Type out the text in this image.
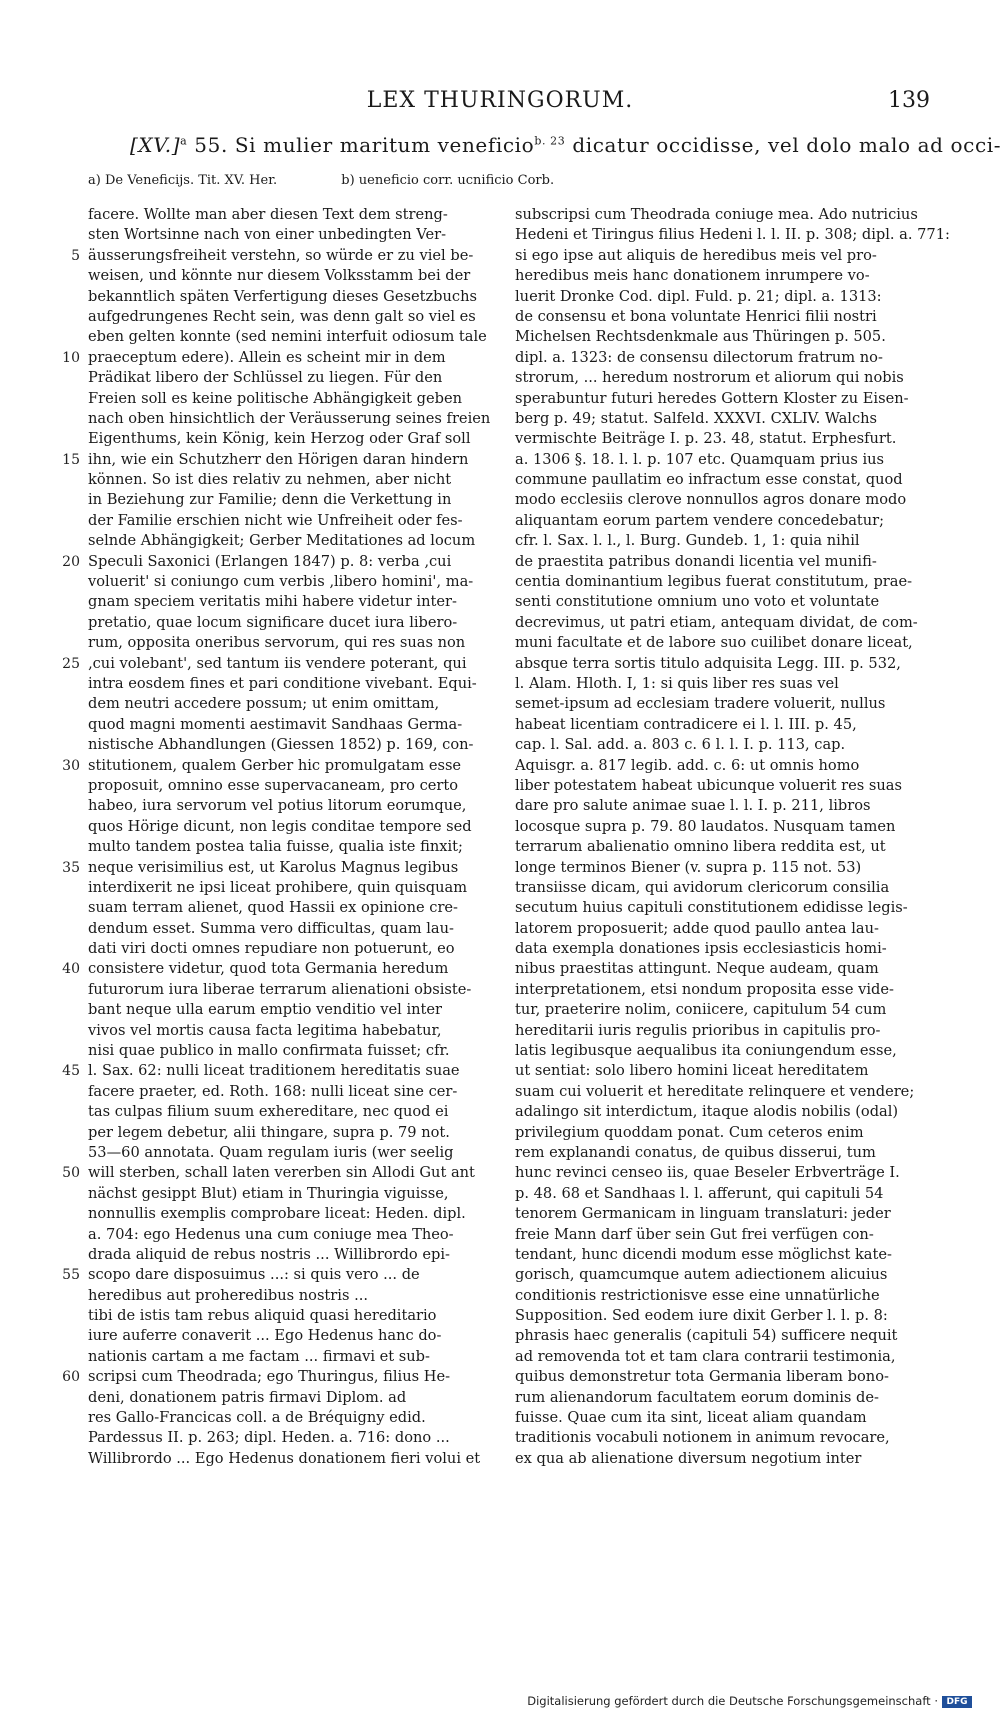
LEX THURINGORUM.	139
$[XV.]^a$ 55. Si mulier maritum veneficio$^{b. 23}$ dicatur occidisse, vel dolo malo ad occi-
a) De Veneficijs. Tit. XV. Her.	b) ueneficio corr. ucnificio Corb.
facere. Wollte man aber diesen Text dem streng-
sten Wortsinne nach von einer unbedingten Ver-
5 äusserungsfreiheit verstehn, so würde er zu viel be-
weisen, und könnte nur diesem Volksstamm bei der
bekanntlich späten Verfertigung dieses Gesetzbuchs
aufgedrungenes Recht sein, was denn galt so viel es
eben gelten konnte (sed nemini interfuit odiosum tale
10 praeceptum edere). Allein es scheint mir in dem
Prädikat libero der Schlüssel zu liegen. Für den
Freien soll es keine politische Abhängigkeit geben
nach oben hinsichtlich der Veräusserung seines freien
Eigenthums, kein König, kein Herzog oder Graf soll
15 ihn, wie ein Schutzherr den Hörigen daran hindern
können. So ist dies relativ zu nehmen, aber nicht
in Beziehung zur Familie; denn die Verkettung in
der Familie erschien nicht wie Unfreiheit oder fes-
selnde Abhängigkeit; Gerber Meditationes ad locum
20 Speculi Saxonici (Erlangen 1847) p. 8: verba ‚cui
voluerit' si coniungo cum verbis ‚libero homini', ma-
gnam speciem veritatis mihi habere videtur inter-
pretatio, quae locum significare ducet iura libero-
rum, opposita oneribus servorum, qui res suas non
25 ‚cui volebant', sed tantum iis vendere poterant, qui
intra eosdem fines et pari conditione vivebant. Equi-
dem neutri accedere possum; ut enim omittam,
quod magni momenti aestimavit Sandhaas Germa-
nistische Abhandlungen (Giessen 1852) p. 169, con-
30 stitutionem, qualem Gerber hic promulgatam esse
proposuit, omnino esse supervacaneam, pro certo
habeo, iura servorum vel potius litorum eorumque,
quos Hörige dicunt, non legis conditae tempore sed
multo tandem postea talia fuisse, qualia iste finxit;
35 neque verisimilius est, ut Karolus Magnus legibus
interdixerit ne ipsi liceat prohibere, quin quisquam
suam terram alienet, quod Hassii ex opinione cre-
dendum esset. Summa vero difficultas, quam lau-
dati viri docti omnes repudiare non potuerunt, eo
40 consistere videtur, quod tota Germania heredum
futurorum iura liberae terrarum alienationi obsiste-
bant neque ulla earum emptio venditio vel inter
vivos vel mortis causa facta legitima habebatur,
nisi quae publico in mallo confirmata fuisset; cfr.
45 l. Sax. 62: nulli liceat traditionem hereditatis suae
facere praeter, ed. Roth. 168: nulli liceat sine cer-
tas culpas filium suum exhereditare, nec quod ei
per legem debetur, alii thingare, supra p. 79 not.
53—60 annotata. Quam regulam iuris (wer seelig
50 will sterben, schall laten vererben sin Allodi Gut ant
nächst gesippt Blut) etiam in Thuringia viguisse,
nonnullis exemplis comprobare liceat: Heden. dipl.
a. 704: ego Hedenus una cum coniuge mea Theo-
drada aliquid de rebus nostris ... Willibrordo epi-
55 scopo dare disposuimus ...: si quis vero ... de
heredibus aut proheredibus nostris ...
tibi de istis tam rebus aliquid quasi hereditario
iure auferre conaverit ... Ego Hedenus hanc do-
nationis cartam a me factam ... firmavi et sub-
60 scripsi cum Theodrada; ego Thuringus, filius He-
deni, donationem patris firmavi Diplom. ad
res Gallo-Francicas coll. a de Bréquigny edid.
Pardessus II. p. 263; dipl. Heden. a. 716: dono ...
Willibrordo ... Ego Hedenus donationem fieri volui et
subscripsi cum Theodrada coniuge mea. Ado nutricius
Hedeni et Tiringus filius Hedeni l. l. II. p. 308; dipl. a. 771:
si ego ipse aut aliquis de heredibus meis vel pro-
heredibus meis hanc donationem inrumpere vo-
luerit Dronke Cod. dipl. Fuld. p. 21; dipl. a. 1313:
de consensu et bona voluntate Henrici filii nostri
Michelsen Rechtsdenkmale aus Thüringen p. 505.
dipl. a. 1323: de consensu dilectorum fratrum no-
strorum, ... heredum nostrorum et aliorum qui nobis
sperabuntur futuri heredes Gottern Kloster zu Eisen-
berg p. 49; statut. Salfeld. XXXVI. CXLIV. Walchs
vermischte Beiträge I. p. 23. 48, statut. Erphesfurt.
a. 1306 §. 18. l. l. p. 107 etc. Quamquam prius ius
commune paullatim eo infractum esse constat, quod
modo ecclesiis clerove nonnullos agros donare modo
aliquantam eorum partem vendere concedebatur;
cfr. l. Sax. l. l., l. Burg. Gundeb. 1, 1: quia nihil
de praestita patribus donandi licentia vel munifi-
centia dominantium legibus fuerat constitutum, prae-
senti constitutione omnium uno voto et voluntate
decrevimus, ut patri etiam, antequam dividat, de com-
muni facultate et de labore suo cuilibet donare liceat,
absque terra sortis titulo adquisita Legg. III. p. 532,
l. Alam. Hloth. I, 1: si quis liber res suas vel
semet-ipsum ad ecclesiam tradere voluerit, nullus
habeat licentiam contradicere ei l. l. III. p. 45,
cap. l. Sal. add. a. 803 c. 6 l. l. I. p. 113, cap.
Aquisgr. a. 817 legib. add. c. 6: ut omnis homo
liber potestatem habeat ubicunque voluerit res suas
dare pro salute animae suae l. l. I. p. 211, libros
locosque supra p. 79. 80 laudatos. Nusquam tamen
terrarum abalienatio omnino libera reddita est, ut
longe terminos Biener (v. supra p. 115 not. 53)
transiisse dicam, qui avidorum clericorum consilia
secutum huius capituli constitutionem edidisse legis-
latorem proposuerit; adde quod paullo antea lau-
data exempla donationes ipsis ecclesiasticis homi-
nibus praestitas attingunt. Neque audeam, quam
interpretationem, etsi nondum proposita esse vide-
tur, praeterire nolim, coniicere, capitulum 54 cum
hereditarii iuris regulis prioribus in capitulis pro-
latis legibusque aequalibus ita coniungendum esse,
ut sentiat: solo libero homini liceat hereditatem
suam cui voluerit et hereditate relinquere et vendere;
adalingo sit interdictum, itaque alodis nobilis (odal)
privilegium quoddam ponat. Cum ceteros enim
rem explanandi conatus, de quibus disserui, tum
hunc revinci censeo iis, quae Beseler Erbverträge I.
p. 48. 68 et Sandhaas l. l. afferunt, qui capituli 54
tenorem Germanicam in linguam translaturi: jeder
freie Mann darf über sein Gut frei verfügen con-
tendant, hunc dicendi modum esse möglichst kate-
gorisch, quamcumque autem adiectionem alicuius
conditionis restrictionisve esse eine unnatürliche
Supposition. Sed eodem iure dixit Gerber l. l. p. 8:
phrasis haec generalis (capituli 54) sufficere nequit
ad removenda tot et tam clara contrarii testimonia,
quibus demonstretur tota Germania liberam bono-
rum alienandorum facultatem eorum dominis de-
fuisse. Quae cum ita sint, liceat aliam quandam
traditionis vocabuli notionem in animum revocare,
ex qua ab alienatione diversum negotium inter
Digitalisierung gefördert durch die Deutsche Forschungsgemeinschaft · DFG
